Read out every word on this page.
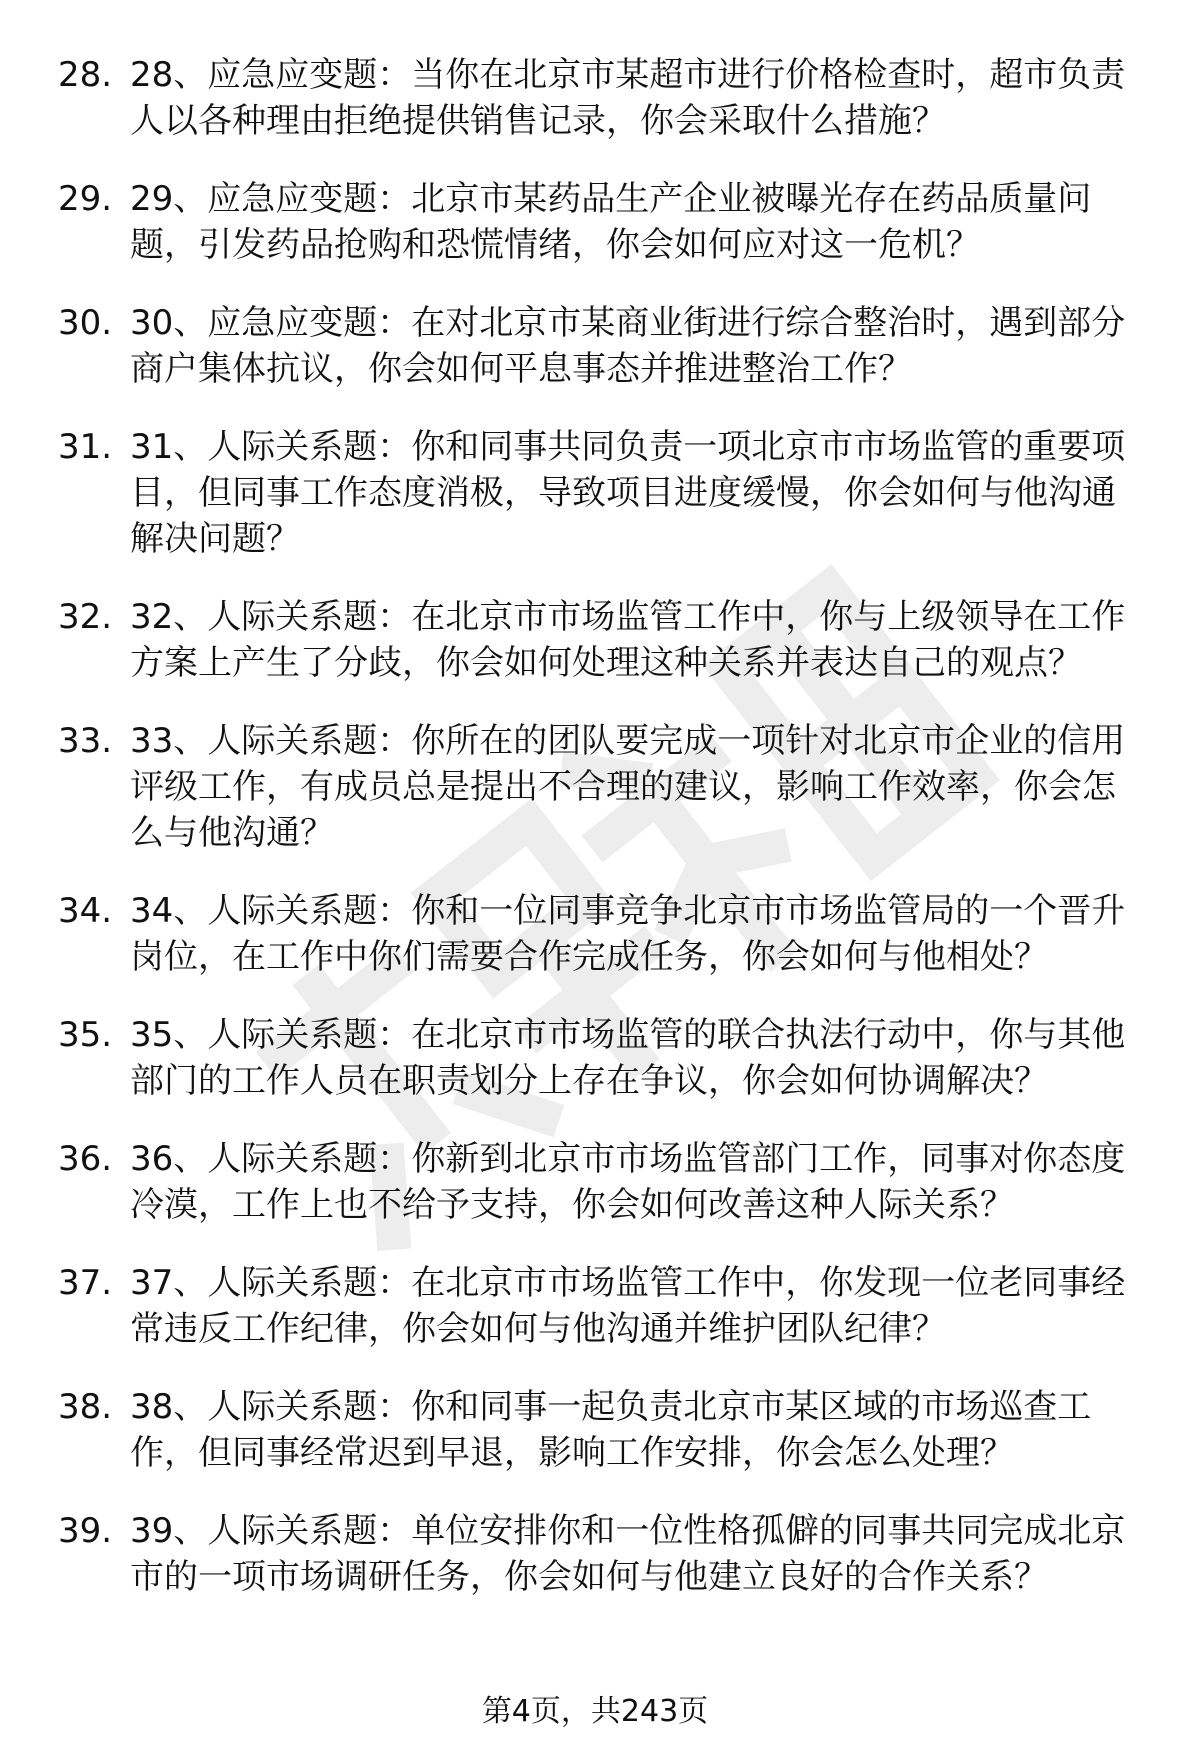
28. 28、应急应变题：当你在北京市某超市进行价格检查时，超市负责人以各种理由拒绝提供销售记录，你会采取什么措施？
29. 29、应急应变题：北京市某药品生产企业被曝光存在药品质量问题，引发药品抢购和恐慌情绪，你会如何应对这一危机？
30. 30、应急应变题：在对北京市某商业街进行综合整治时，遇到部分商户集体抗议，你会如何平息事态并推进整治工作？
31. 31、人际关系题：你和同事共同负责一项北京市市场监管的重要项目，但同事工作态度消极，导致项目进度缓慢，你会如何与他沟通解决问题？
32. 32、人际关系题：在北京市市场监管工作中，你与上级领导在工作方案上产生了分歧，你会如何处理这种关系并表达自己的观点？
33. 33、人际关系题：你所在的团队要完成一项针对北京市企业的信用评级工作，有成员总是提出不合理的建议，影响工作效率，你会怎么与他沟通？
34. 34、人际关系题：你和一位同事竞争北京市市场监管局的一个晋升岗位，在工作中你们需要合作完成任务，你会如何与他相处？
35. 35、人际关系题：在北京市市场监管的联合执法行动中，你与其他部门的工作人员在职责划分上存在争议，你会如何协调解决？
36. 36、人际关系题：你新到北京市市场监管部门工作，同事对你态度冷漠，工作上也不给予支持，你会如何改善这种人际关系？
37. 37、人际关系题：在北京市市场监管工作中，你发现一位老同事经常违反工作纪律，你会如何与他沟通并维护团队纪律？
38. 38、人际关系题：你和同事一起负责北京市某区域的市场巡查工作，但同事经常迟到早退，影响工作安排，你会怎么处理？
39. 39、人际关系题：单位安排你和一位性格孤僻的同事共同完成北京市的一项市场调研任务，你会如何与他建立良好的合作关系？
第4页，共243页
